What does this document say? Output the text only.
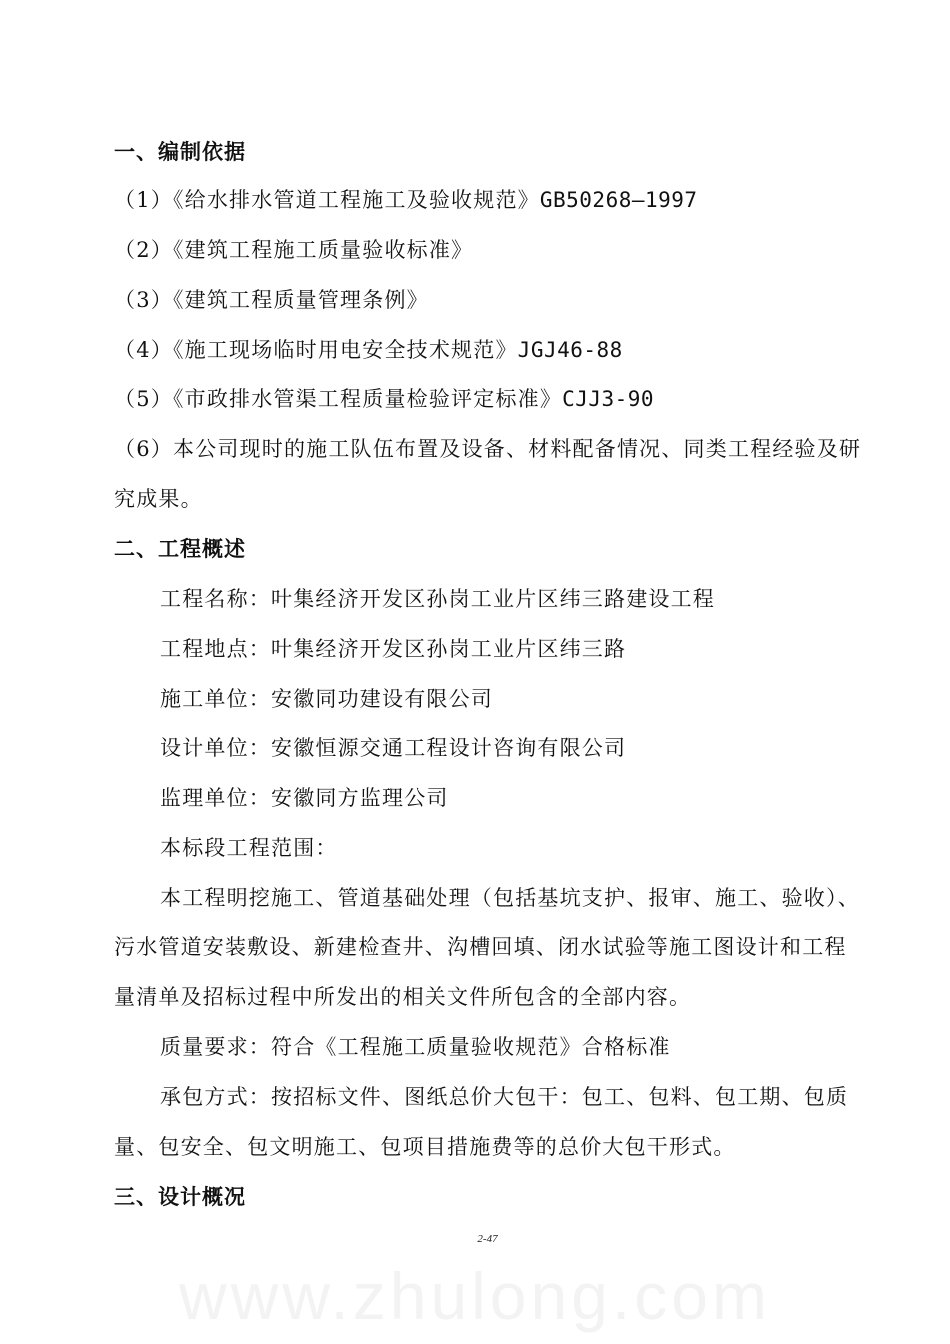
一、编制依据
（1）《给水排水管道工程施工及验收规范》GB50268—1997
（2）《建筑工程施工质量验收标准》
（3）《建筑工程质量管理条例》
（4）《施工现场临时用电安全技术规范》JGJ46-88
（5）《市政排水管渠工程质量检验评定标准》CJJ3-90
（6）本公司现时的施工队伍布置及设备、材料配备情况、同类工程经验及研
究成果。
二、工程概述
工程名称：叶集经济开发区孙岗工业片区纬三路建设工程
工程地点：叶集经济开发区孙岗工业片区纬三路
施工单位：安徽同功建设有限公司
设计单位：安徽恒源交通工程设计咨询有限公司
监理单位：安徽同方监理公司
本标段工程范围：
本工程明挖施工、管道基础处理（包括基坑支护、报审、施工、验收）、
污水管道安装敷设、新建检查井、沟槽回填、闭水试验等施工图设计和工程
量清单及招标过程中所发出的相关文件所包含的全部内容。
质量要求：符合《工程施工质量验收规范》合格标准
承包方式：按招标文件、图纸总价大包干：包工、包料、包工期、包质
量、包安全、包文明施工、包项目措施费等的总价大包干形式。
三、设计概况
2-47
www.zhulong.com
